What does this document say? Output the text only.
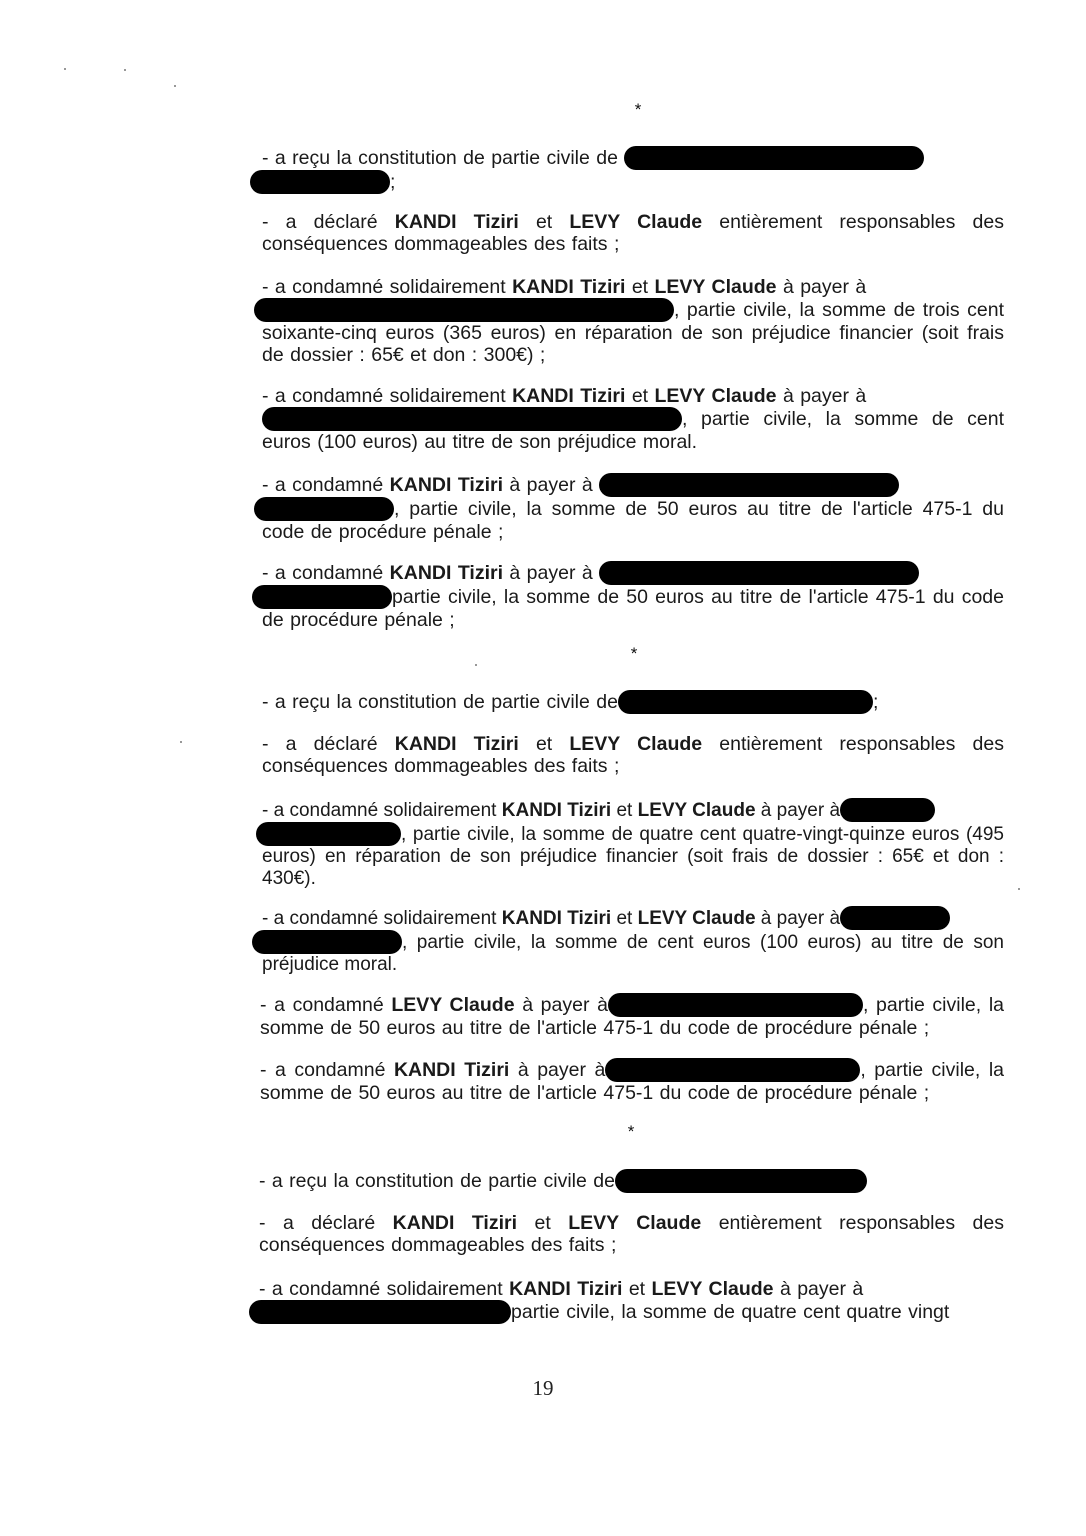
*
- a reçu la constitution de partie civile de
;
- a déclaré KANDI Tiziri et LEVY Claude entièrement responsables des conséquences dommageables des faits ;
- a condamné solidairement KANDI Tiziri et LEVY Claude à payer à
, partie civile, la somme de trois cent soixante-cinq euros (365 euros) en réparation de son préjudice financier (soit frais de dossier : 65€ et don : 300€) ;
- a condamné solidairement KANDI Tiziri et LEVY Claude à payer à
, partie civile, la somme de cent euros (100 euros) au titre de son préjudice moral.
- a condamné KANDI Tiziri à payer à
, partie civile, la somme de 50 euros au titre de l'article 475-1 du code de procédure pénale ;
- a condamné KANDI Tiziri à payer à
partie civile, la somme de 50 euros au titre de l'article 475-1 du code de procédure pénale ;
*
- a reçu la constitution de partie civile de	;
- a déclaré KANDI Tiziri et LEVY Claude entièrement responsables des conséquences dommageables des faits ;
- a condamné solidairement KANDI Tiziri et LEVY Claude à payer à
, partie civile, la somme de quatre cent quatre-vingt-quinze euros (495 euros) en réparation de son préjudice financier (soit frais de dossier : 65€ et don : 430€).
- a condamné solidairement KANDI Tiziri et LEVY Claude à payer à
, partie civile, la somme de cent euros (100 euros) au titre de son préjudice moral.
- a condamné LEVY Claude à payer à	, partie civile, la somme de 50 euros au titre de l'article 475-1 du code de procédure pénale ;
- a condamné KANDI Tiziri à payer à	, partie civile, la somme de 50 euros au titre de l'article 475-1 du code de procédure pénale ;
*
- a reçu la constitution de partie civile de
- a déclaré KANDI Tiziri et LEVY Claude entièrement responsables des conséquences dommageables des faits ;
- a condamné solidairement KANDI Tiziri et LEVY Claude à payer à
partie civile, la somme de quatre cent quatre vingt
19
